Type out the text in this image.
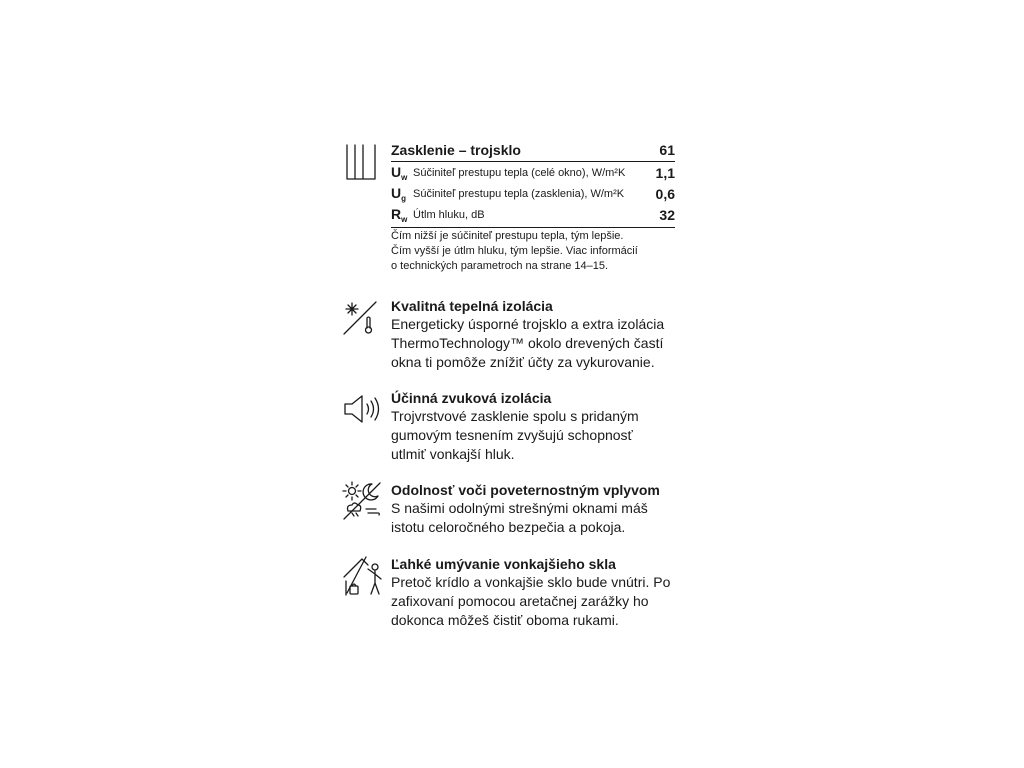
Zasklenie – trojsklo	61
$U_w$ Súčiniteľ prestupu tepla (celé okno), W/m²K	1,1
$U_g$ Súčiniteľ prestupu tepla (zasklenia), W/m²K	0,6
$R_w$ Útlm hluku, dB	32
Čím nižší je súčiniteľ prestupu tepla, tým lepšie.
Čím vyšší je útlm hluku, tým lepšie. Viac informácií
o technických parametroch na strane 14–15.
Kvalitná tepelná izolácia
Energeticky úsporné trojsklo a extra izolácia
ThermoTechnology™ okolo drevených častí
okna ti pomôže znížiť účty za vykurovanie.
Účinná zvuková izolácia
Trojvrstvové zasklenie spolu s pridaným
gumovým tesnením zvyšujú schopnosť
utlmiť vonkajší hluk.
Odolnosť voči poveternostným vplyvom
S našimi odolnými strešnými oknami máš
istotu celoročného bezpečia a pokoja.
Ľahké umývanie vonkajšieho skla
Pretoč krídlo a vonkajšie sklo bude vnútri. Po
zafixovaní pomocou aretačnej zarážky ho
dokonca môžeš čistiť oboma rukami.
